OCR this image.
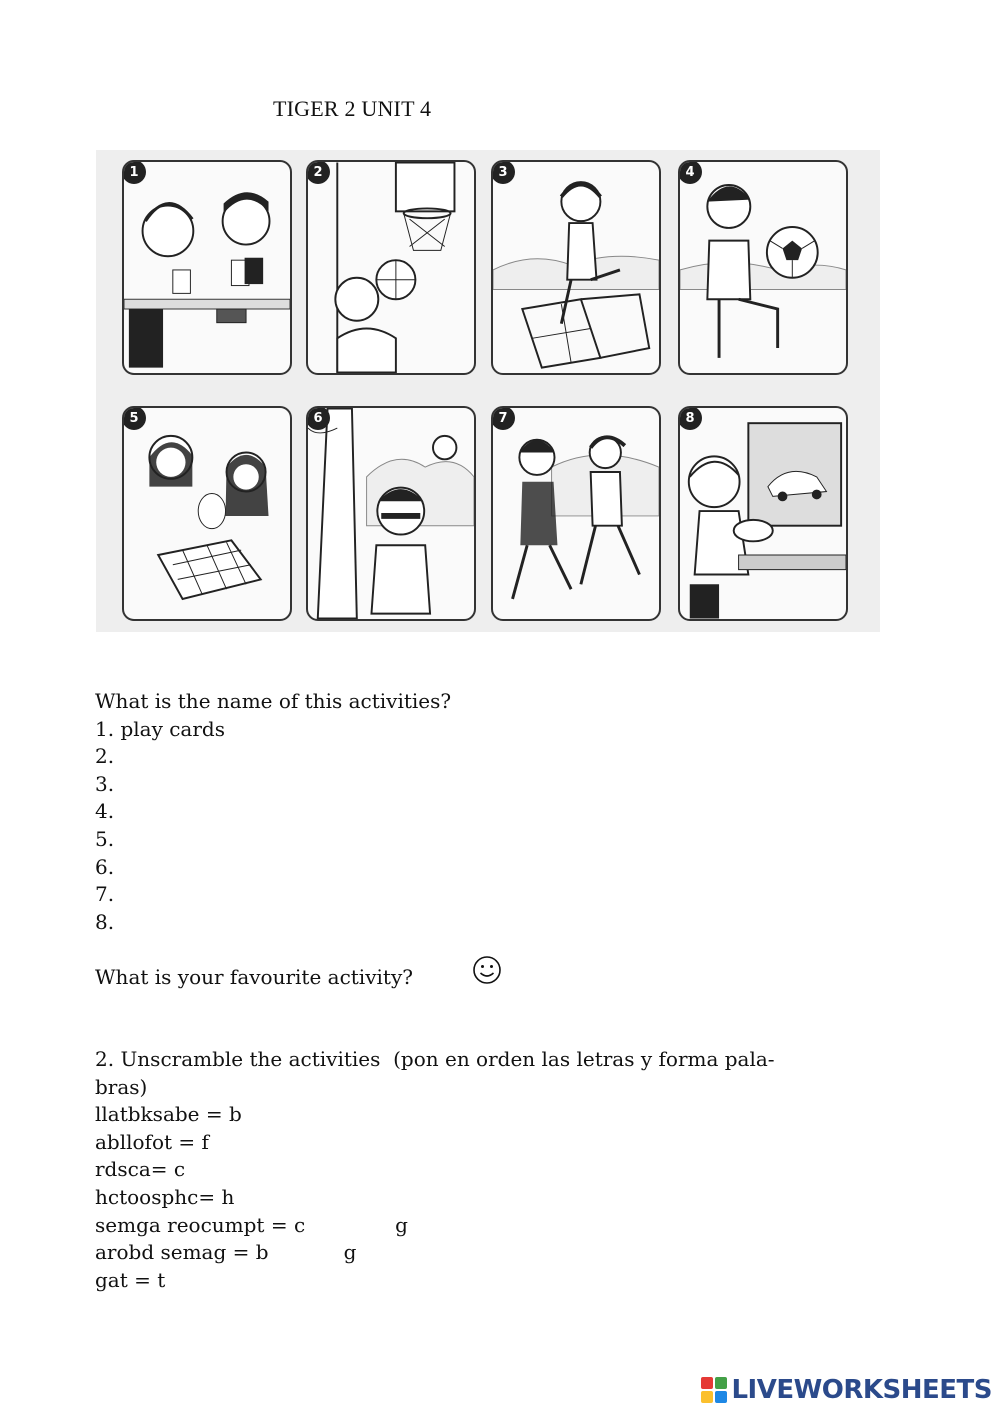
TIGER 2 UNIT 4
1	2	3	4
5	6	7	8
What is the name of this activities?
1. play cards
2.
3.
4.
5.
6.
7.
8.
What is your favourite activity?
2. Unscramble the activities  (pon en orden las letras y forma pala-
bras)
llatbksabe = b
abllofot = f
rdsca= c
hctoosphc= h
semga reocumpt = c	g
arobd semag = b	g
gat = t
LIVEWORKSHEETS
